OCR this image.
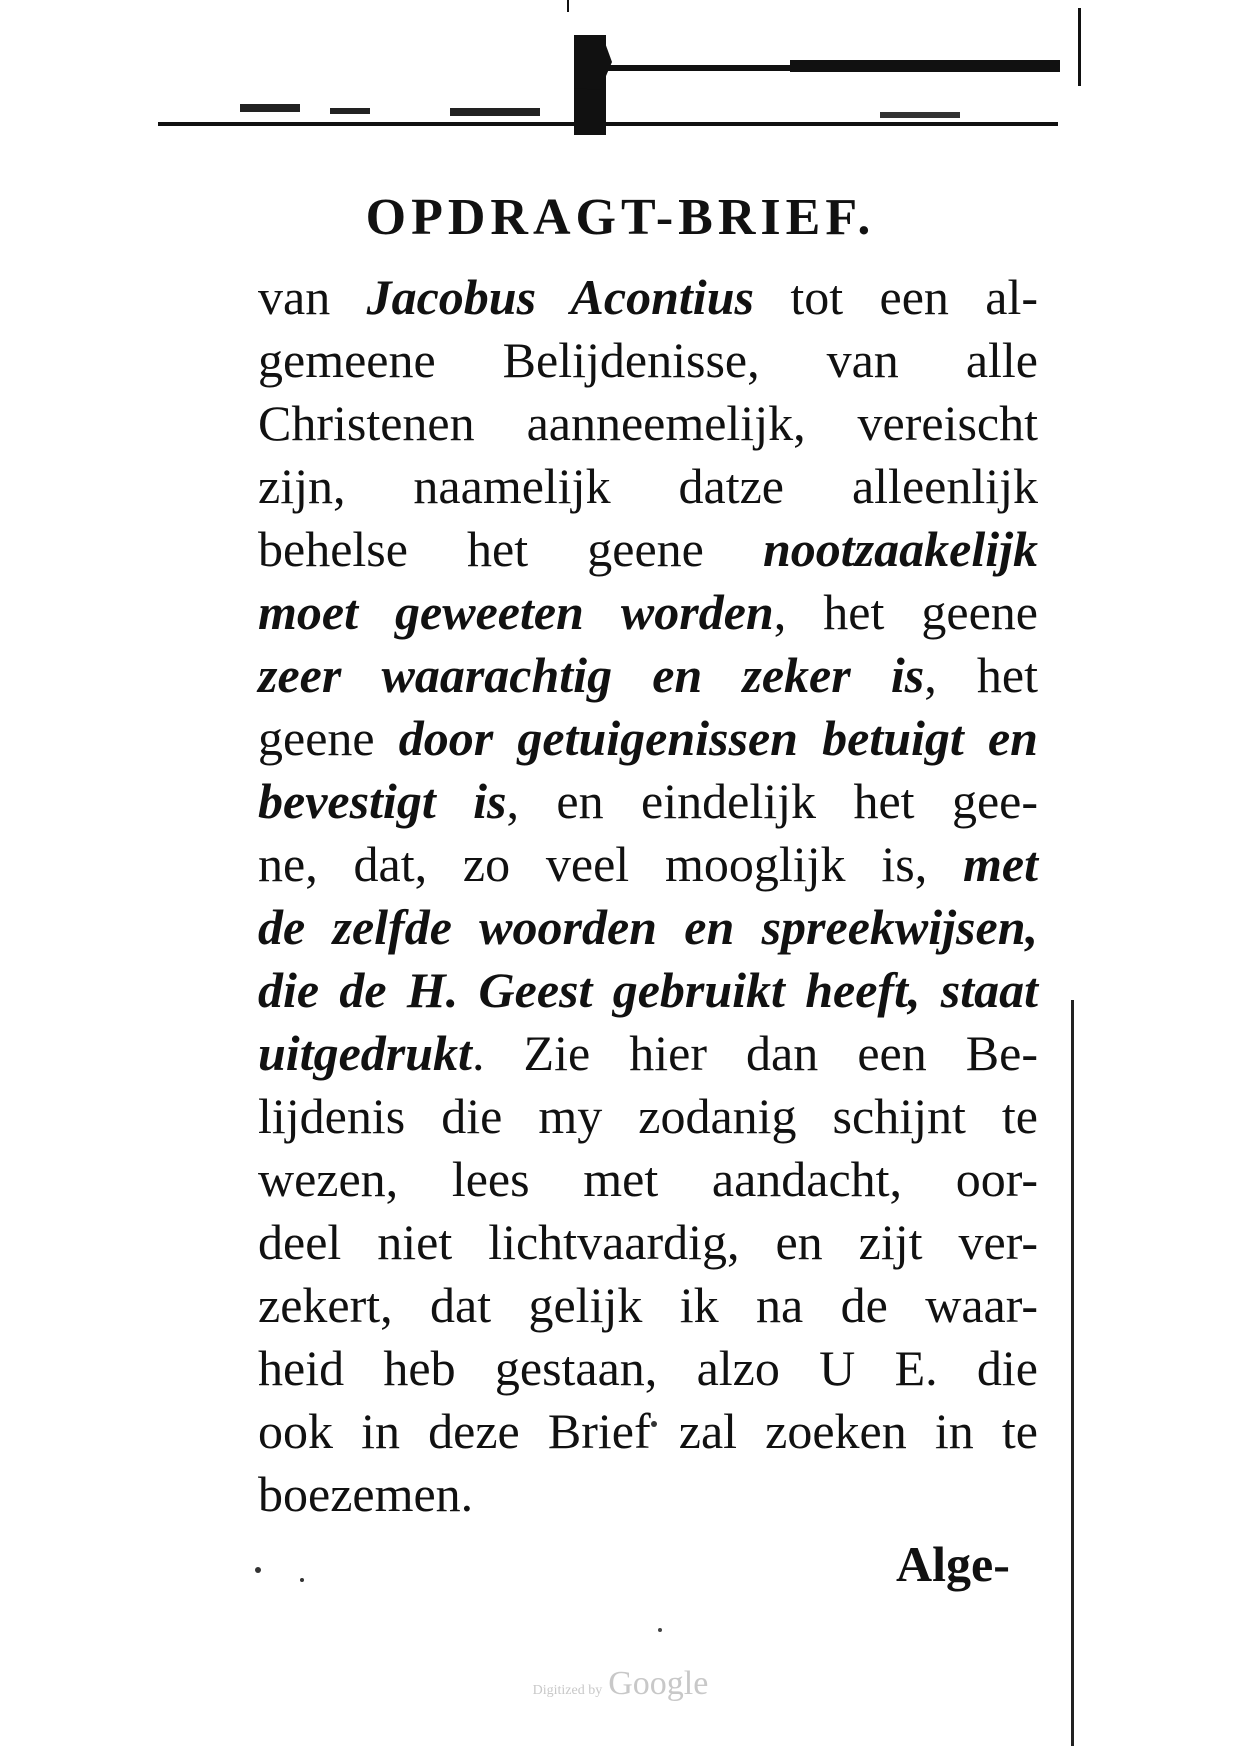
OPDRAGT-BRIEF.
van Jacobus Acontius tot een al-
gemeene Belijdenisse, van alle
Christenen aanneemelijk, vereischt
zijn, naamelijk datze alleenlijk
behelse het geene nootzaakelijk
moet geweeten worden, het geene
zeer waarachtig en zeker is, het
geene door getuigenissen betuigt en
bevestigt is, en eindelijk het gee-
ne, dat, zo veel mooglijk is, met
de zelfde woorden en spreekwijsen,
die de H. Geest gebruikt heeft, staat
uitgedrukt. Zie hier dan een Be-
lijdenis die my zodanig schijnt te
wezen, lees met aandacht, oor-
deel niet lichtvaardig, en zijt ver-
zekert, dat gelijk ik na de waar-
heid heb gestaan, alzo U E. die
ook in deze Brief zal zoeken in te
boezemen.
Alge-
Digitized by Google
